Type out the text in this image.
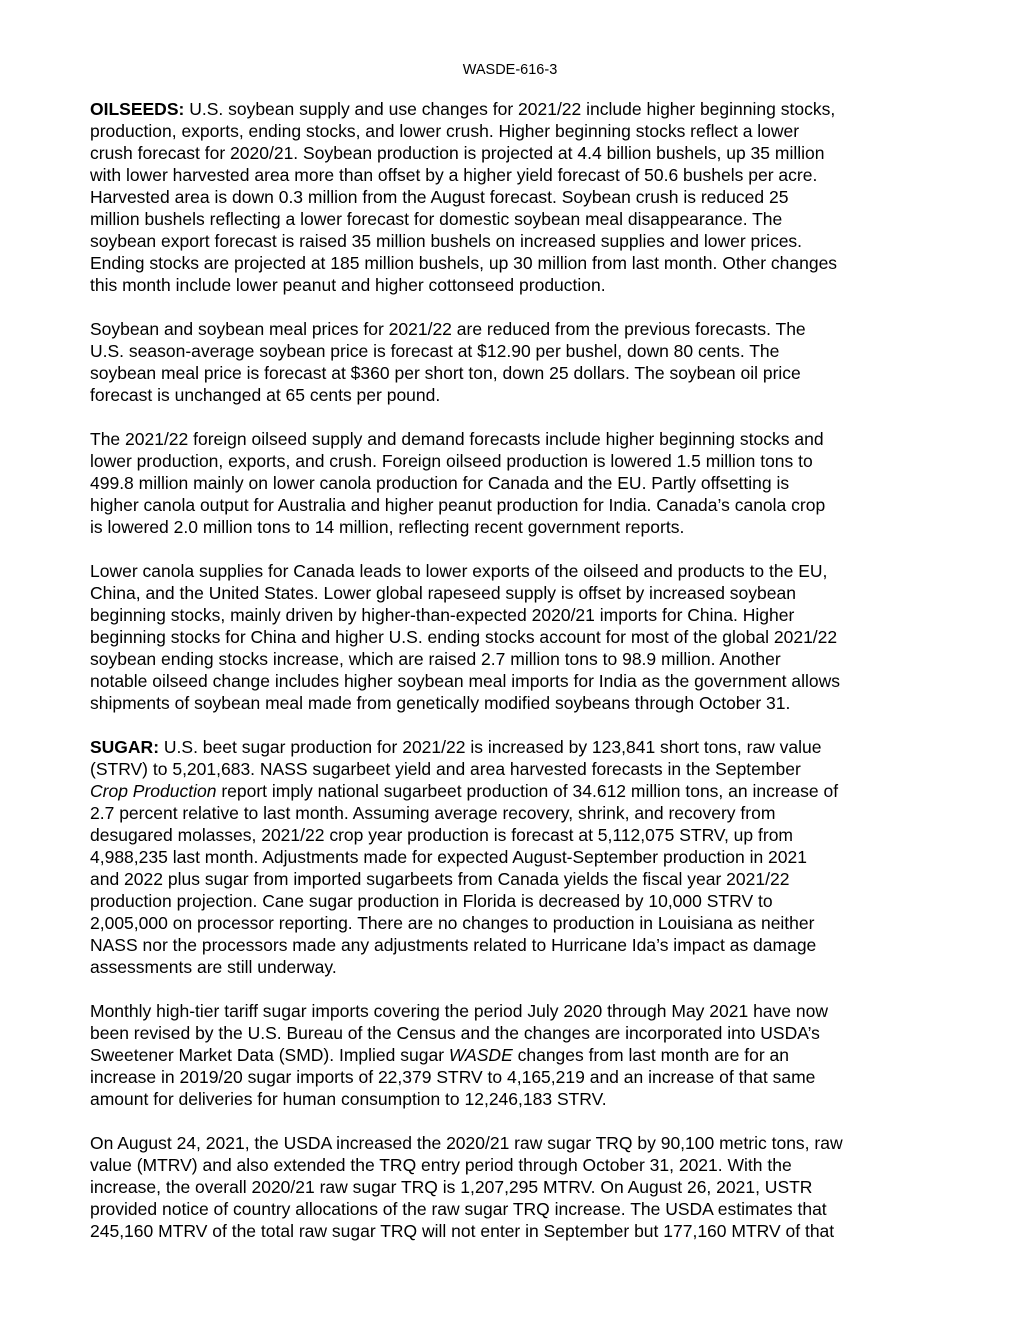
WASDE-616-3

OILSEEDS: U.S. soybean supply and use changes for 2021/22 include higher beginning stocks,
production, exports, ending stocks, and lower crush. Higher beginning stocks reflect a lower
crush forecast for 2020/21. Soybean production is projected at 4.4 billion bushels, up 35 million
with lower harvested area more than offset by a higher yield forecast of 50.6 bushels per acre.
Harvested area is down 0.3 million from the August forecast. Soybean crush is reduced 25
million bushels reflecting a lower forecast for domestic soybean meal disappearance. The
soybean export forecast is raised 35 million bushels on increased supplies and lower prices.
Ending stocks are projected at 185 million bushels, up 30 million from last month. Other changes
this month include lower peanut and higher cottonseed production.

Soybean and soybean meal prices for 2021/22 are reduced from the previous forecasts. The
U.S. season-average soybean price is forecast at $12.90 per bushel, down 80 cents. The
soybean meal price is forecast at $360 per short ton, down 25 dollars. The soybean oil price
forecast is unchanged at 65 cents per pound.

The 2021/22 foreign oilseed supply and demand forecasts include higher beginning stocks and
lower production, exports, and crush. Foreign oilseed production is lowered 1.5 million tons to
499.8 million mainly on lower canola production for Canada and the EU. Partly offsetting is
higher canola output for Australia and higher peanut production for India. Canada’s canola crop
is lowered 2.0 million tons to 14 million, reflecting recent government reports.

Lower canola supplies for Canada leads to lower exports of the oilseed and products to the EU,
China, and the United States. Lower global rapeseed supply is offset by increased soybean
beginning stocks, mainly driven by higher-than-expected 2020/21 imports for China. Higher
beginning stocks for China and higher U.S. ending stocks account for most of the global 2021/22
soybean ending stocks increase, which are raised 2.7 million tons to 98.9 million. Another
notable oilseed change includes higher soybean meal imports for India as the government allows
shipments of soybean meal made from genetically modified soybeans through October 31.

SUGAR: U.S. beet sugar production for 2021/22 is increased by 123,841 short tons, raw value
(STRV) to 5,201,683. NASS sugarbeet yield and area harvested forecasts in the September
Crop Production report imply national sugarbeet production of 34.612 million tons, an increase of
2.7 percent relative to last month. Assuming average recovery, shrink, and recovery from
desugared molasses, 2021/22 crop year production is forecast at 5,112,075 STRV, up from
4,988,235 last month. Adjustments made for expected August-September production in 2021
and 2022 plus sugar from imported sugarbeets from Canada yields the fiscal year 2021/22
production projection. Cane sugar production in Florida is decreased by 10,000 STRV to
2,005,000 on processor reporting. There are no changes to production in Louisiana as neither
NASS nor the processors made any adjustments related to Hurricane Ida’s impact as damage
assessments are still underway.

Monthly high-tier tariff sugar imports covering the period July 2020 through May 2021 have now
been revised by the U.S. Bureau of the Census and the changes are incorporated into USDA’s
Sweetener Market Data (SMD). Implied sugar WASDE changes from last month are for an
increase in 2019/20 sugar imports of 22,379 STRV to 4,165,219 and an increase of that same
amount for deliveries for human consumption to 12,246,183 STRV.

On August 24, 2021, the USDA increased the 2020/21 raw sugar TRQ by 90,100 metric tons, raw
value (MTRV) and also extended the TRQ entry period through October 31, 2021. With the
increase, the overall 2020/21 raw sugar TRQ is 1,207,295 MTRV. On August 26, 2021, USTR
provided notice of country allocations of the raw sugar TRQ increase. The USDA estimates that
245,160 MTRV of the total raw sugar TRQ will not enter in September but 177,160 MTRV of that
